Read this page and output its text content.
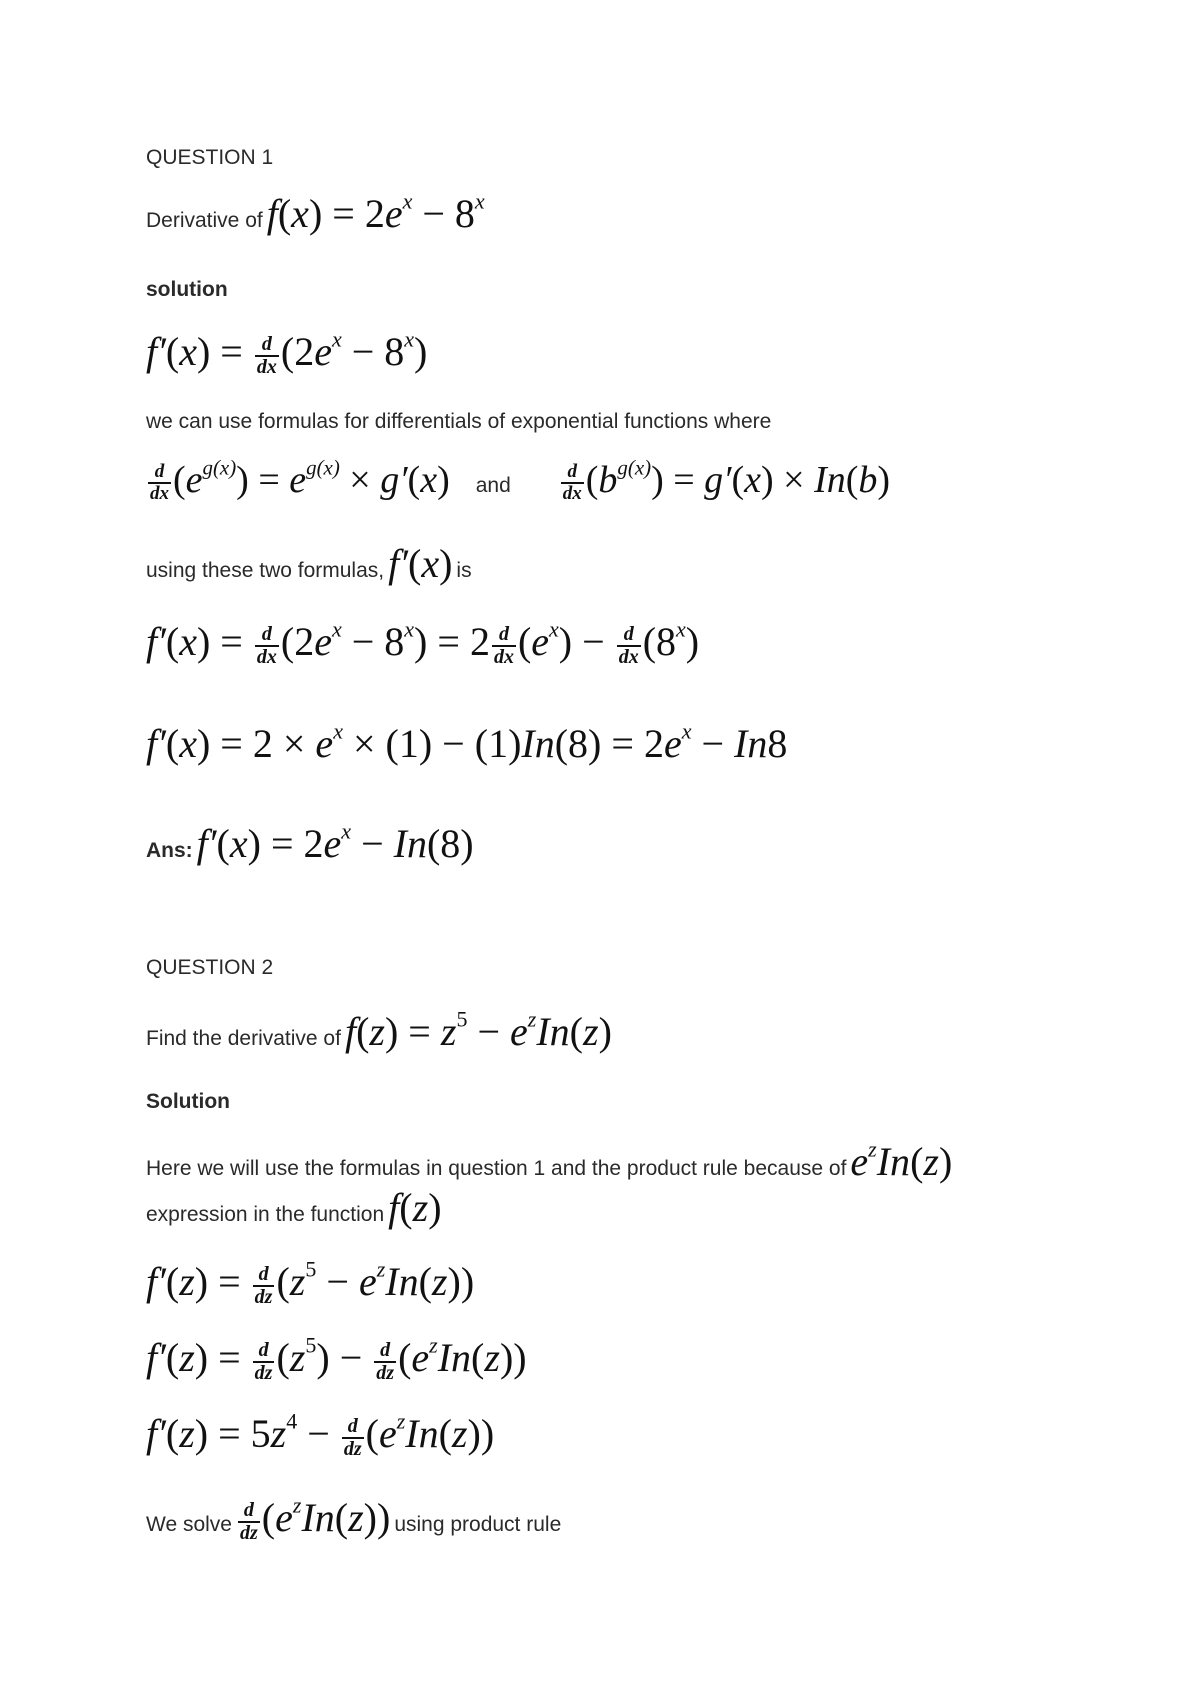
QUESTION 1
Derivative of $f(x) = 2e^x - 8^x$
solution
$f'(x) = \frac{d}{dx} (2e^x - 8^x)$
we can use formulas for differentials of exponential functions where
$\frac{d}{dx} (e^{g(x)}) = e^{g(x)} \times g'(x)$ and	$\frac{d}{dx} (b^{g(x)}) = g'(x) \times In(b)$
using these two formulas, f′(x) is
$f'(x) = \frac{d}{dx} (2e^x - 8^x) = 2 \frac{d}{dx} (e^x) - \frac{d}{dx} (8^x)$
$f'(x) = 2 \times e^x \times (1) - (1)In(8) = 2e^x - In8$
Ans: $f'(x) = 2e^x - In(8)$
QUESTION 2
Find the derivative of $f(z) = z^5 - e^zIn(z)$
Solution
Here we will use the formulas in question 1 and the product rule because of $e^zIn(z)$
expression in the function f(z)
$f'(z) = \frac{d}{dz} (z^5 - e^zIn(z))$
$f'(z) = \frac{d}{dz} (z^5) - \frac{d}{dz} (e^zIn(z))$
$f'(z) = 5z^4 - \frac{d}{dz} (e^zIn(z))$
We solve $\frac{d}{dz} (e^zIn(z))$ using product rule
